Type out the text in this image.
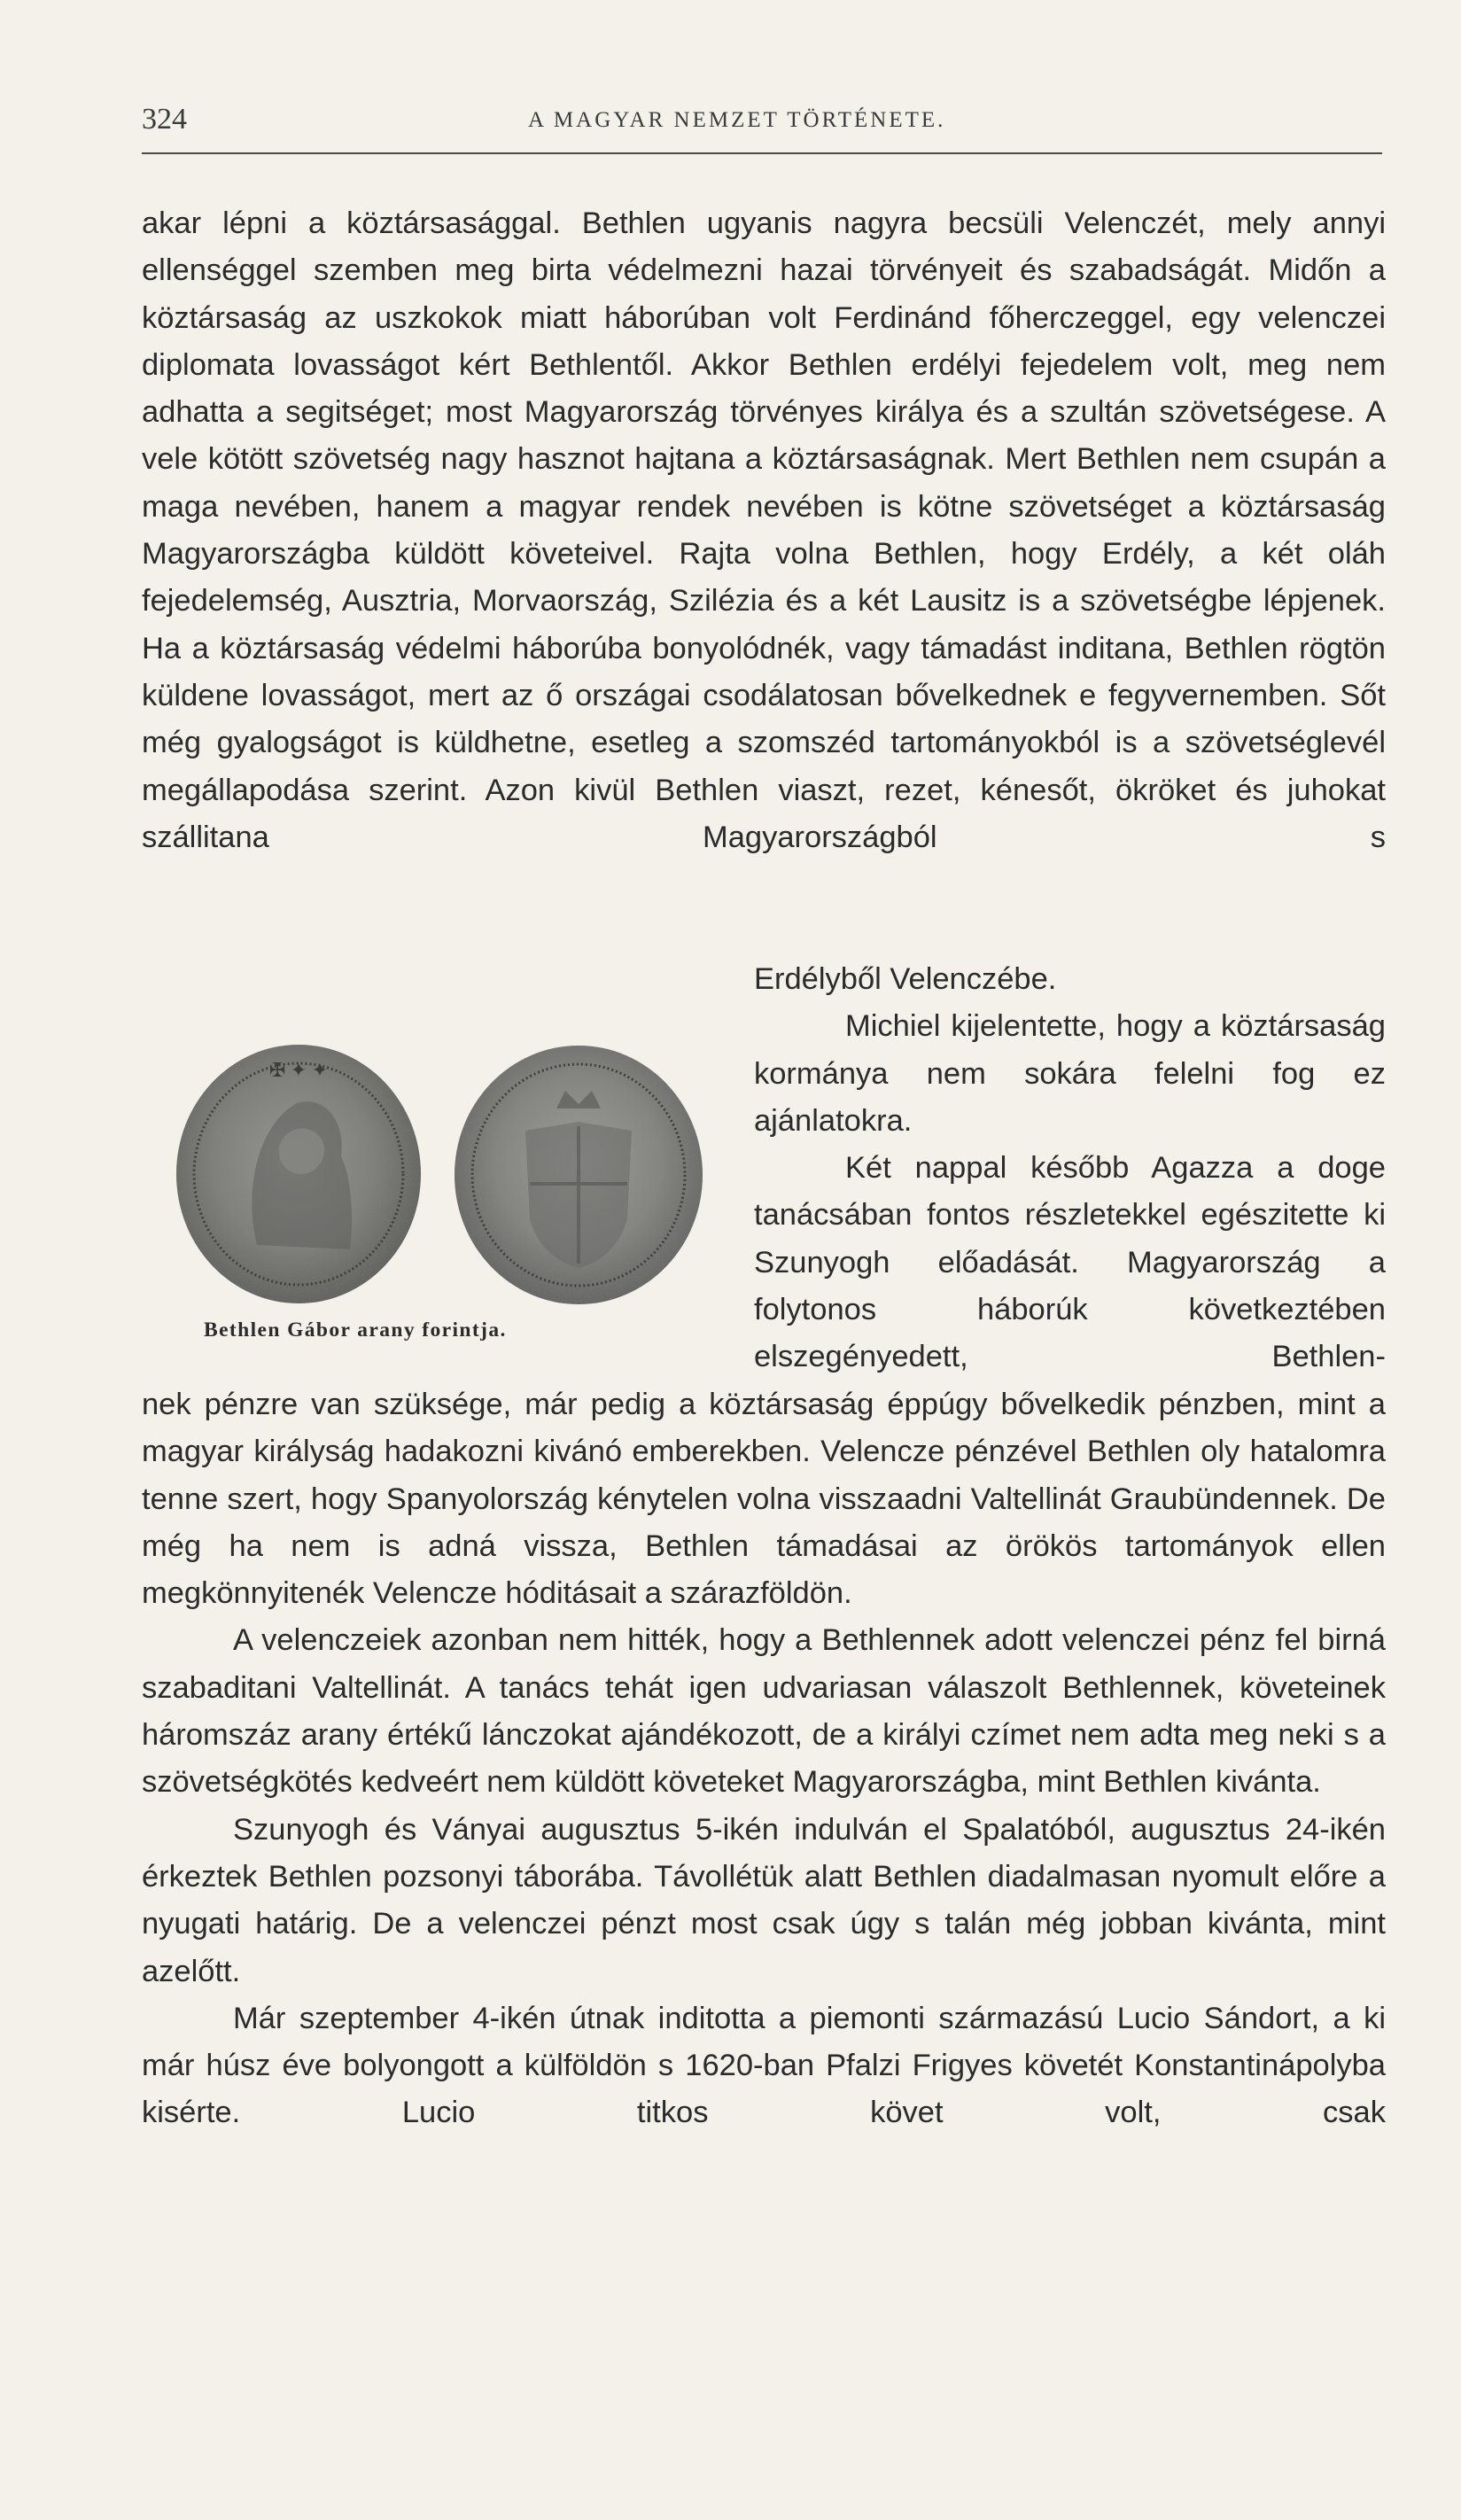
324	A MAGYAR NEMZET TÖRTÉNETE.

akar lépni a köztársasággal. Bethlen ugyanis nagyra becsüli Velenczét, mely annyi ellenséggel szemben meg birta védelmezni hazai törvényeit és szabadságát. Midőn a köztársaság az uszkokok miatt háborúban volt Ferdinánd főherczeggel, egy velenczei diplomata lovasságot kért Bethlentől. Akkor Bethlen erdélyi fejedelem volt, meg nem adhatta a segitséget; most Magyarország törvényes királya és a szultán szövetségese. A vele kötött szövetség nagy hasznot hajtana a köztársaságnak. Mert Bethlen nem csupán a maga nevében, hanem a magyar rendek nevében is kötne szövetséget a köztársaság Magyarországba küldött követeivel. Rajta volna Bethlen, hogy Erdély, a két oláh fejedelemség, Ausztria, Morvaország, Szilézia és a két Lausitz is a szövetségbe lépjenek. Ha a köztársaság védelmi háborúba bonyolódnék, vagy támadást inditana, Bethlen rögtön küldene lovasságot, mert az ő országai csodálatosan bővelkednek e fegyvernemben. Sőt még gyalogságot is küldhetne, esetleg a szomszéd tartományokból is a szövetséglevél megállapodása szerint. Azon kivül Bethlen viaszt, rezet, kénesőt, ökröket és juhokat szállitana Magyarországból s

✠ ✦ ✦
Bethlen Gábor arany forintja.

Erdélyből Velenczébe.

Michiel kijelentette, hogy a köztársaság kormánya nem sokára felelni fog ez ajánlatokra.

Két nappal később Agazza a doge tanácsában fontos részletekkel egészitette ki Szunyogh előadását. Magyarország a folytonos háborúk következtében elszegényedett, Bethlen-

nek pénzre van szüksége, már pedig a köztársaság éppúgy bővelkedik pénzben, mint a magyar királyság hadakozni kivánó emberekben. Velencze pénzével Bethlen oly hatalomra tenne szert, hogy Spanyolország kénytelen volna visszaadni Valtellinát Graubündennek. De még ha nem is adná vissza, Bethlen támadásai az örökös tartományok ellen megkönnyitenék Velencze hóditásait a szárazföldön.

A velenczeiek azonban nem hitték, hogy a Bethlennek adott velenczei pénz fel birná szabaditani Valtellinát. A tanács tehát igen udvariasan válaszolt Bethlennek, követeinek háromszáz arany értékű lánczokat ajándékozott, de a királyi czímet nem adta meg neki s a szövetségkötés kedveért nem küldött követeket Magyarországba, mint Bethlen kivánta.

Szunyogh és Ványai augusztus 5-ikén indulván el Spalatóból, augusztus 24-ikén érkeztek Bethlen pozsonyi táborába. Távollétük alatt Bethlen diadalmasan nyomult előre a nyugati határig. De a velenczei pénzt most csak úgy s talán még jobban kivánta, mint azelőtt.

Már szeptember 4-ikén útnak inditotta a piemonti származású Lucio Sándort, a ki már húsz éve bolyongott a külföldön s 1620-ban Pfalzi Frigyes követét Konstantinápolyba kisérte. Lucio titkos követ volt, csak
